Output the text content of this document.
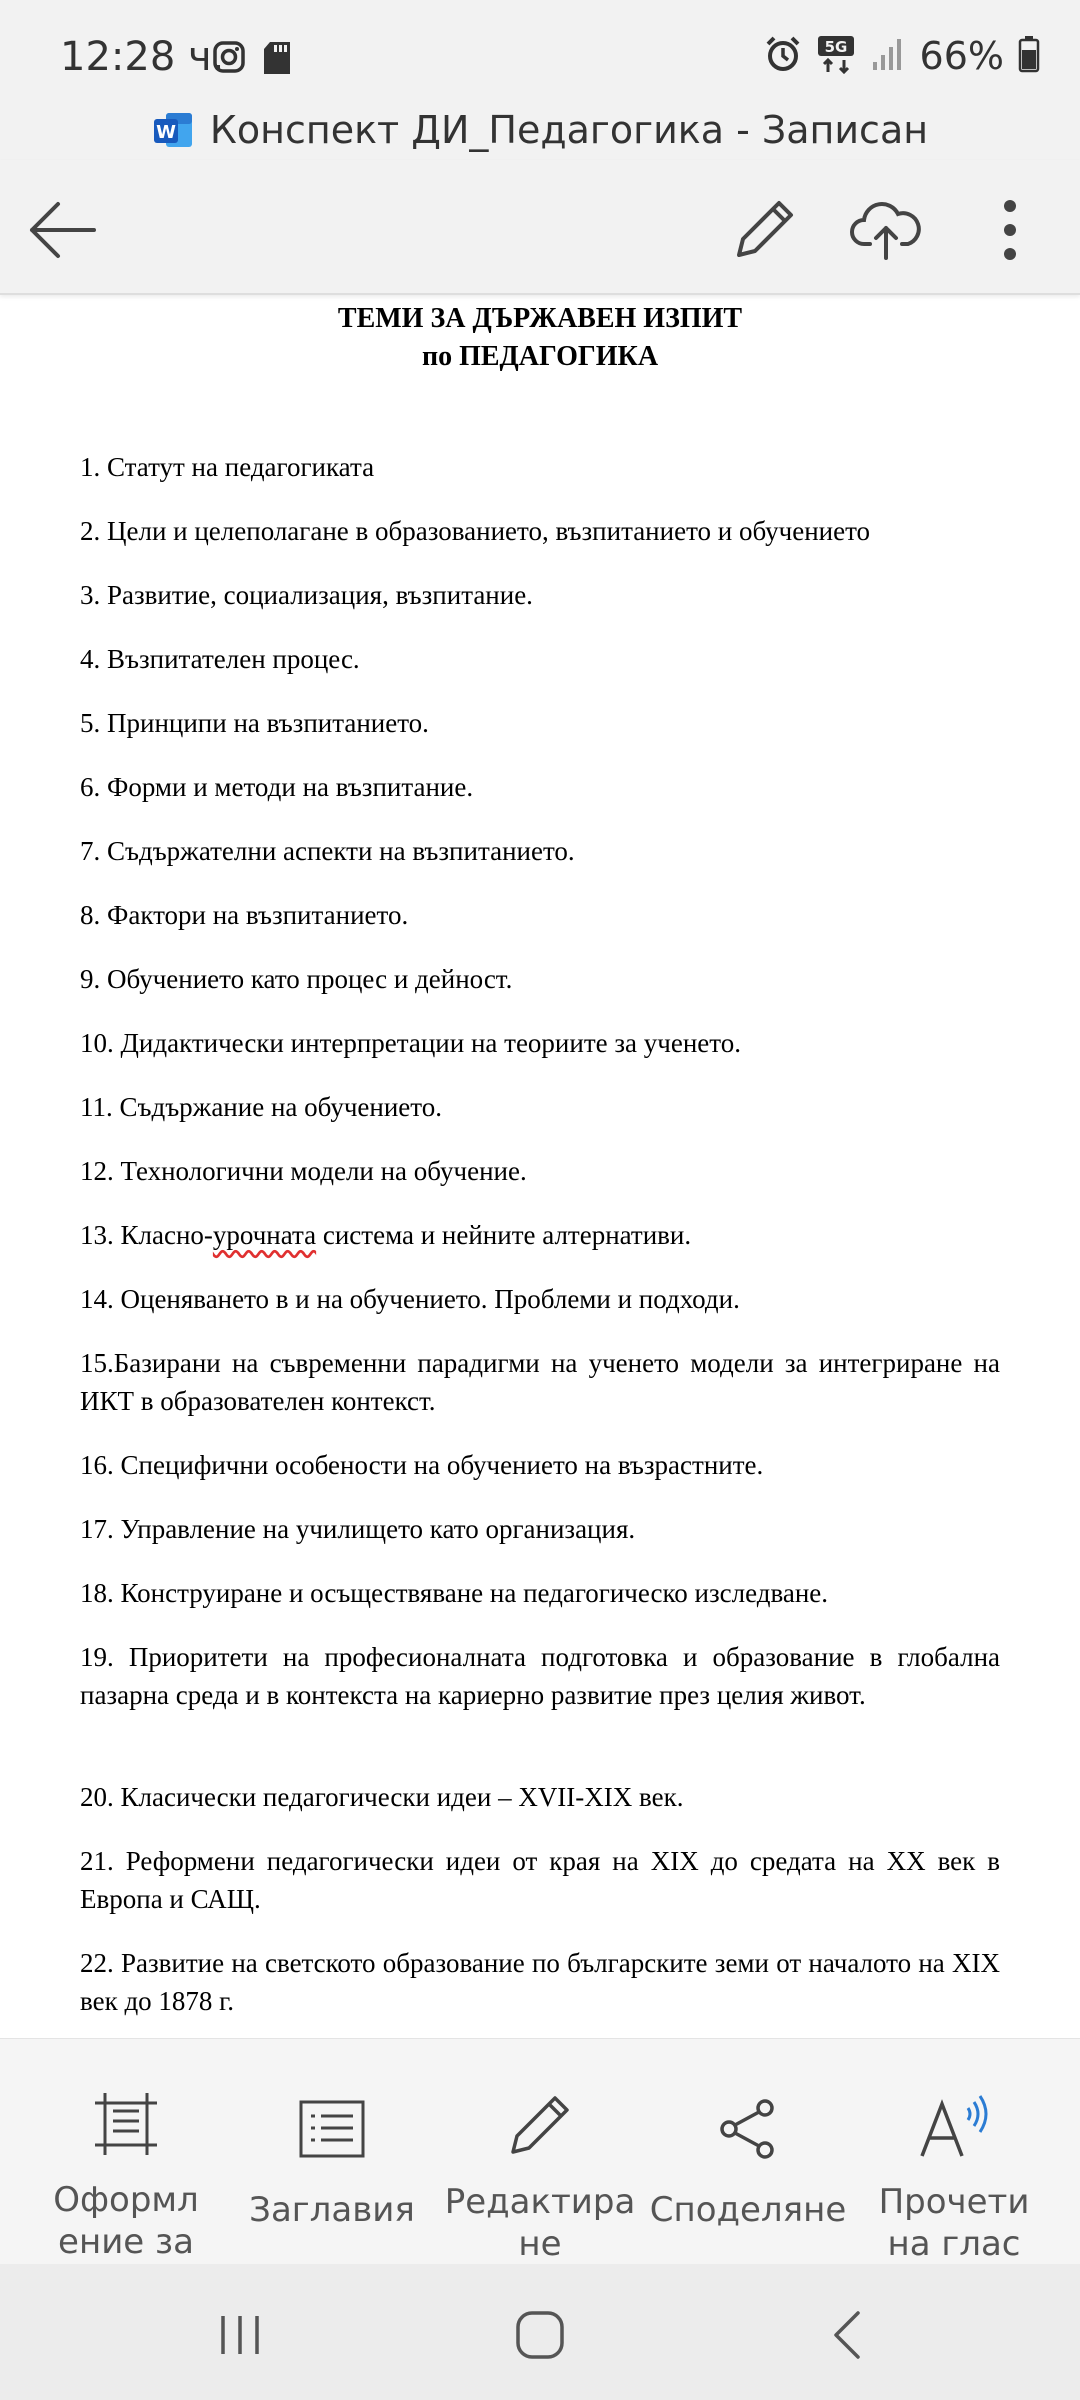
12:28 ч.	5G 66%
W Конспект ДИ_Педагогика - Записан
ТЕМИ ЗА ДЪРЖАВЕН ИЗПИТ
по ПЕДАГОГИКА

1. Статут на педагогиката

2. Цели и целеполагане в образованието, възпитанието и обучението

3. Развитие, социализация, възпитание.

4. Възпитателен процес.

5. Принципи на възпитанието.

6. Форми и методи на възпитание.

7. Съдържателни аспекти на възпитанието.

8. Фактори на възпитанието.

9. Обучението като процес и дейност.

10. Дидактически интерпретации на теориите за ученето.

11. Съдържание на обучението.

12. Технологични модели на обучение.

13. Класно-урочната система и нейните алтернативи.

14. Оценяването в и на обучението. Проблеми и подходи.

15.Базирани на съвременни парадигми на ученето модели за интегриране на ИКТ в образователен контекст.

16. Специфични особености на обучението на възрастните.

17. Управление на училището като организация.

18. Конструиране и осъществяване на педагогическо изследване.

19. Приоритети на професионалната подготовка и образование в глобална пазарна среда и в контекста на кариерно развитие през целия живот.

20. Класически педагогически идеи – XVII-XIX век.

21. Реформени педагогически идеи от края на XIX до средата на XX век в Европа и САЩ.

22. Развитие на светското образование по българските земи от началото на XIX век до 1878 г.

Оформл ение за
Заглавия Редактира не
Споделяне Прочети на глас
